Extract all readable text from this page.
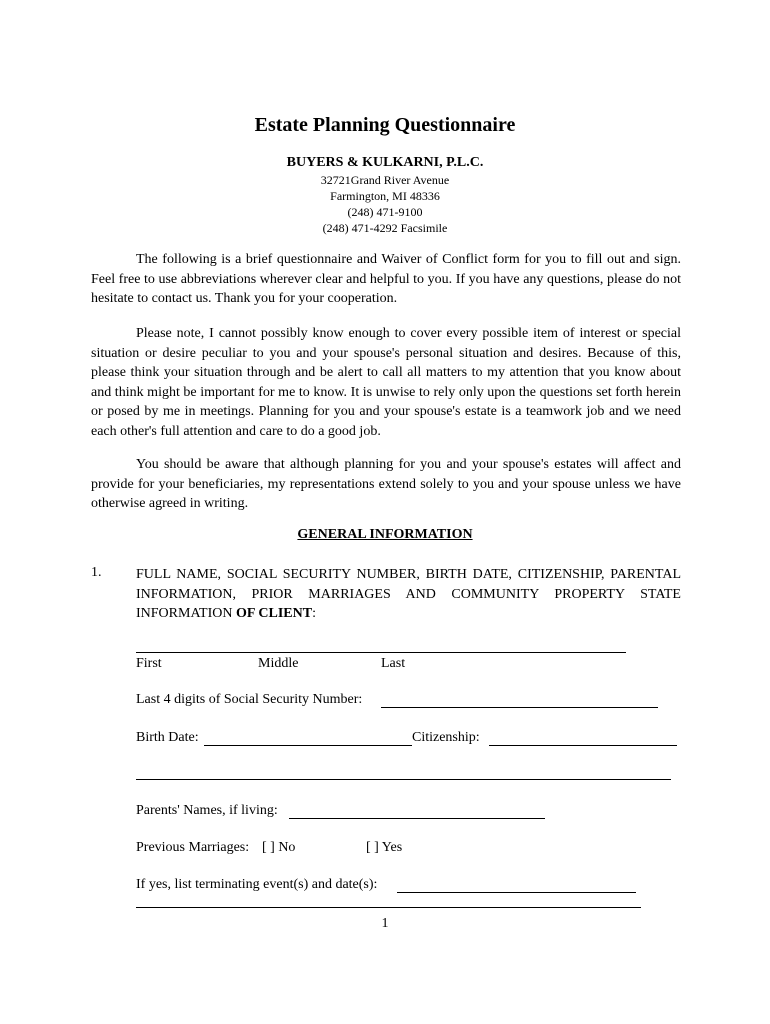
Estate Planning Questionnaire
BUYERS & KULKARNI, P.L.C.
32721Grand River Avenue
Farmington, MI 48336
(248) 471-9100
(248) 471-4292 Facsimile

The following is a brief questionnaire and Waiver of Conflict form for you to fill out and sign. Feel free to use abbreviations wherever clear and helpful to you. If you have any questions, please do not hesitate to contact us. Thank you for your cooperation.

Please note, I cannot possibly know enough to cover every possible item of interest or special situation or desire peculiar to you and your spouse's personal situation and desires. Because of this, please think your situation through and be alert to call all matters to my attention that you know about and think might be important for me to know. It is unwise to rely only upon the questions set forth herein or posed by me in meetings. Planning for you and your spouse's estate is a teamwork job and we need each other's full attention and care to do a good job.

You should be aware that although planning for you and your spouse's estates will affect and provide for your beneficiaries, my representations extend solely to you and your spouse unless we have otherwise agreed in writing.

GENERAL INFORMATION
1. FULL NAME, SOCIAL SECURITY NUMBER, BIRTH DATE, CITIZENSHIP, PARENTAL INFORMATION, PRIOR MARRIAGES AND COMMUNITY PROPERTY STATE INFORMATION OF CLIENT:
First	Middle	Last
Last 4 digits of Social Security Number:
Birth Date:	Citizenship:
Parents' Names, if living:
Previous Marriages: [ ] No	[ ] Yes
If yes, list terminating event(s) and date(s):
1
